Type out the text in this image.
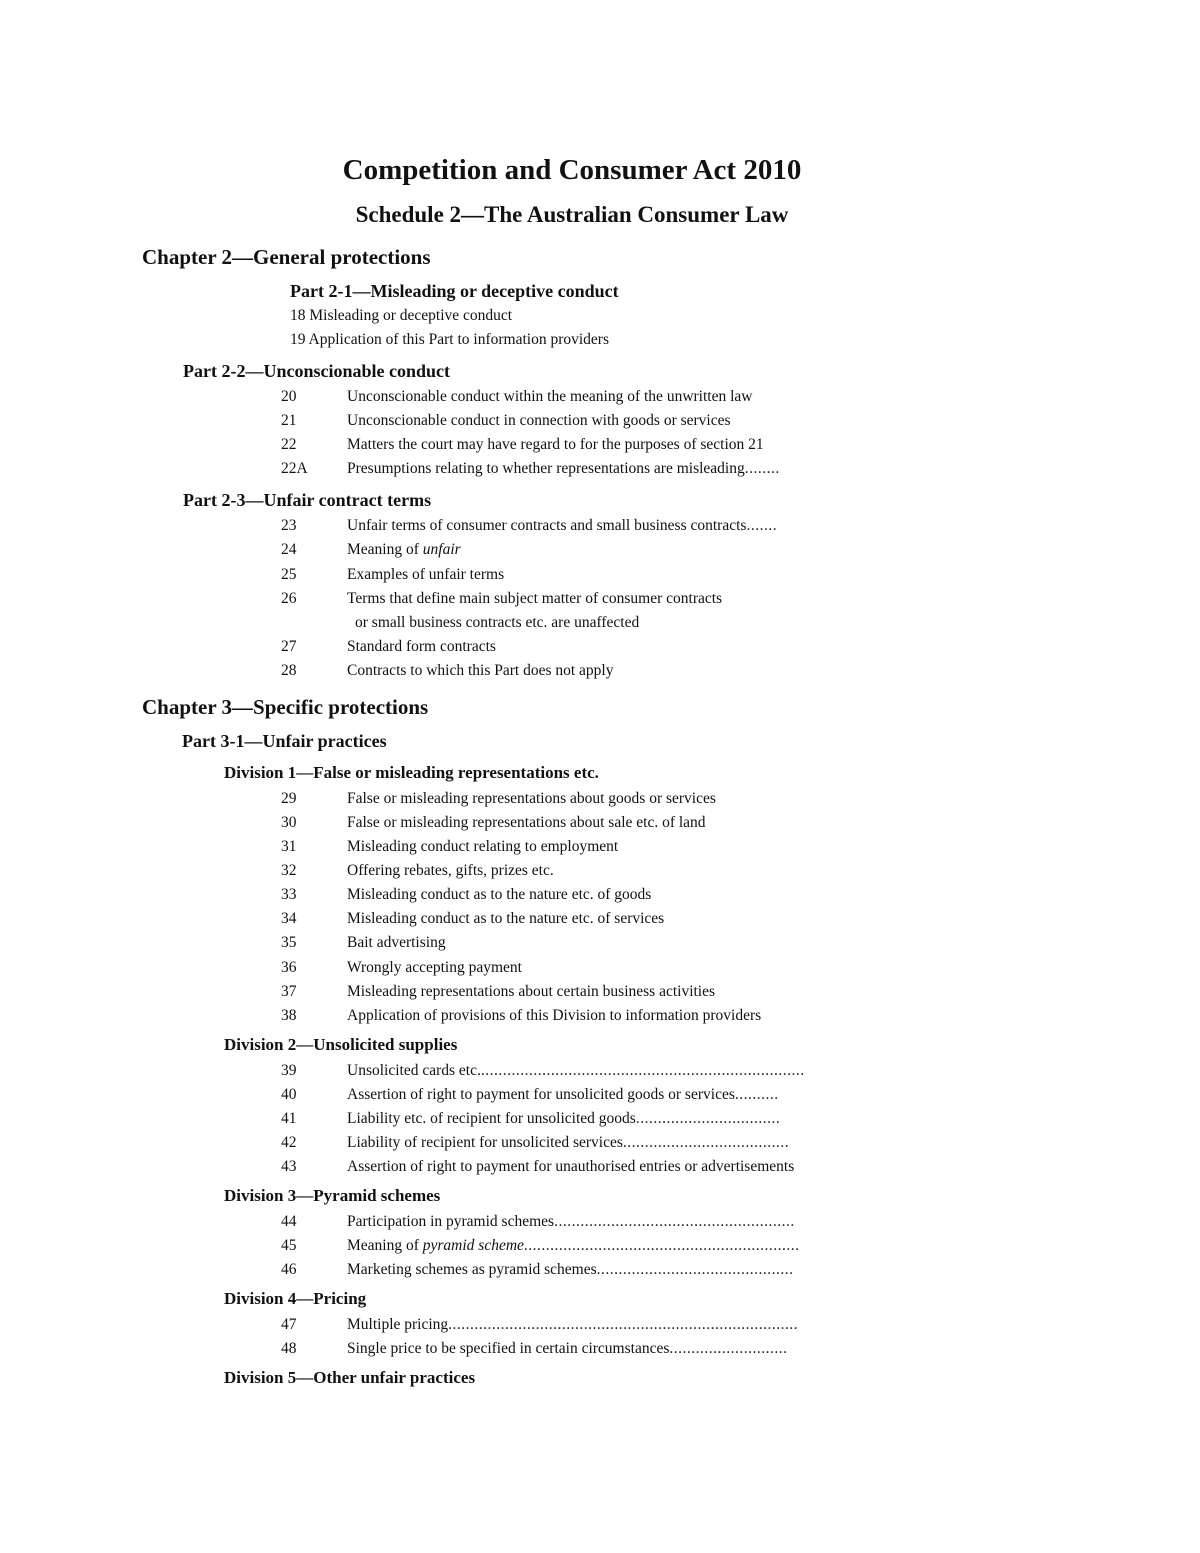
Competition and Consumer Act 2010
Schedule 2—The Australian Consumer Law
Chapter 2—General protections
Part 2-1—Misleading or deceptive conduct
18 Misleading or deceptive conduct
19 Application of this Part to information providers
Part 2-2—Unconscionable conduct
20	Unconscionable conduct within the meaning of the unwritten law
21	Unconscionable conduct in connection with goods or services
22	Matters the court may have regard to for the purposes of section 21
22A	Presumptions relating to whether representations are misleading........
Part 2-3—Unfair contract terms
23	Unfair terms of consumer contracts and small business contracts.......
24	Meaning of unfair
25	Examples of unfair terms
26	Terms that define main subject matter of consumer contracts
or small business contracts etc. are unaffected
27	Standard form contracts
28	Contracts to which this Part does not apply
Chapter 3—Specific protections
Part 3-1—Unfair practices
Division 1—False or misleading representations etc.
29	False or misleading representations about goods or services
30	False or misleading representations about sale etc. of land
31	Misleading conduct relating to employment
32	Offering rebates, gifts, prizes etc.
33	Misleading conduct as to the nature etc. of goods
34	Misleading conduct as to the nature etc. of services
35	Bait advertising
36	Wrongly accepting payment
37	Misleading representations about certain business activities
38	Application of provisions of this Division to information providers
Division 2—Unsolicited supplies
39	Unsolicited cards etc...........................................................................
40	Assertion of right to payment for unsolicited goods or services..........
41	Liability etc. of recipient for unsolicited goods.................................
42	Liability of recipient for unsolicited services......................................
43	Assertion of right to payment for unauthorised entries or advertisements
Division 3—Pyramid schemes
44	Participation in pyramid schemes.......................................................
45	Meaning of pyramid scheme...............................................................
46	Marketing schemes as pyramid schemes.............................................
Division 4—Pricing
47	Multiple pricing................................................................................
48	Single price to be specified in certain circumstances...........................
Division 5—Other unfair practices
